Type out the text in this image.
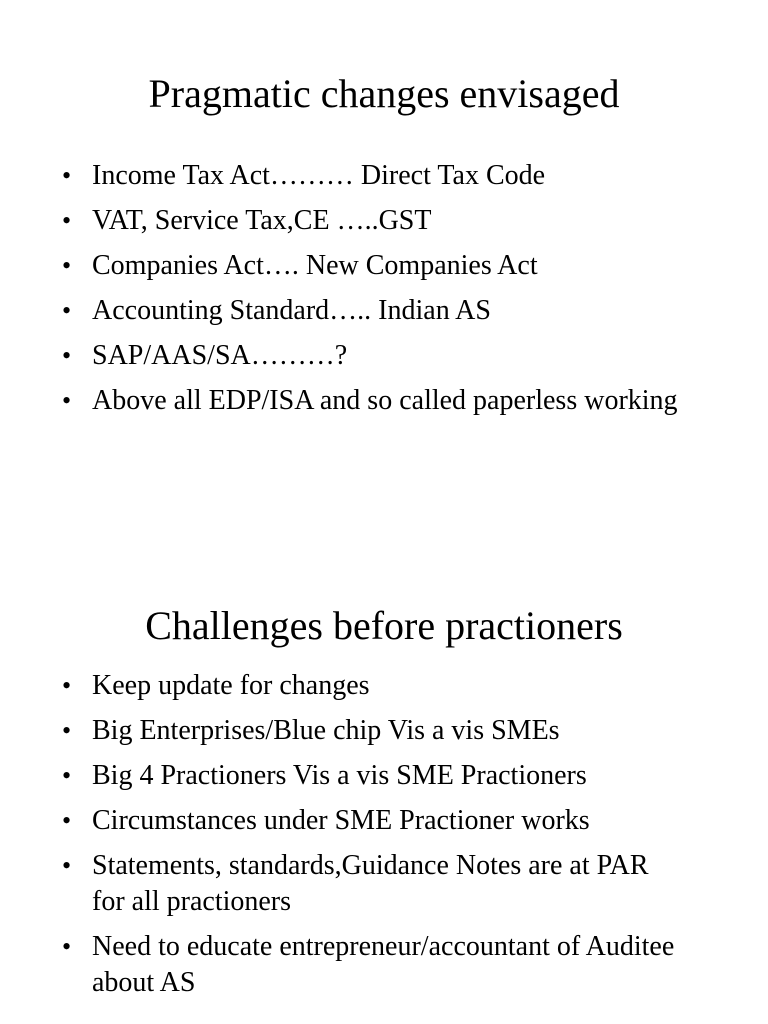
Pragmatic changes envisaged
• Income Tax Act……… Direct Tax Code
• VAT, Service Tax,CE …..GST
• Companies Act…. New Companies Act
• Accounting Standard….. Indian AS
• SAP/AAS/SA………?
• Above all EDP/ISA and so called paperless working
Challenges before practioners
• Keep update for changes
• Big Enterprises/Blue chip Vis a vis SMEs
• Big 4 Practioners Vis a vis SME Practioners
• Circumstances under SME Practioner works
• Statements, standards,Guidance Notes are at PAR for all practioners
• Need to educate entrepreneur/accountant of Auditee about AS
